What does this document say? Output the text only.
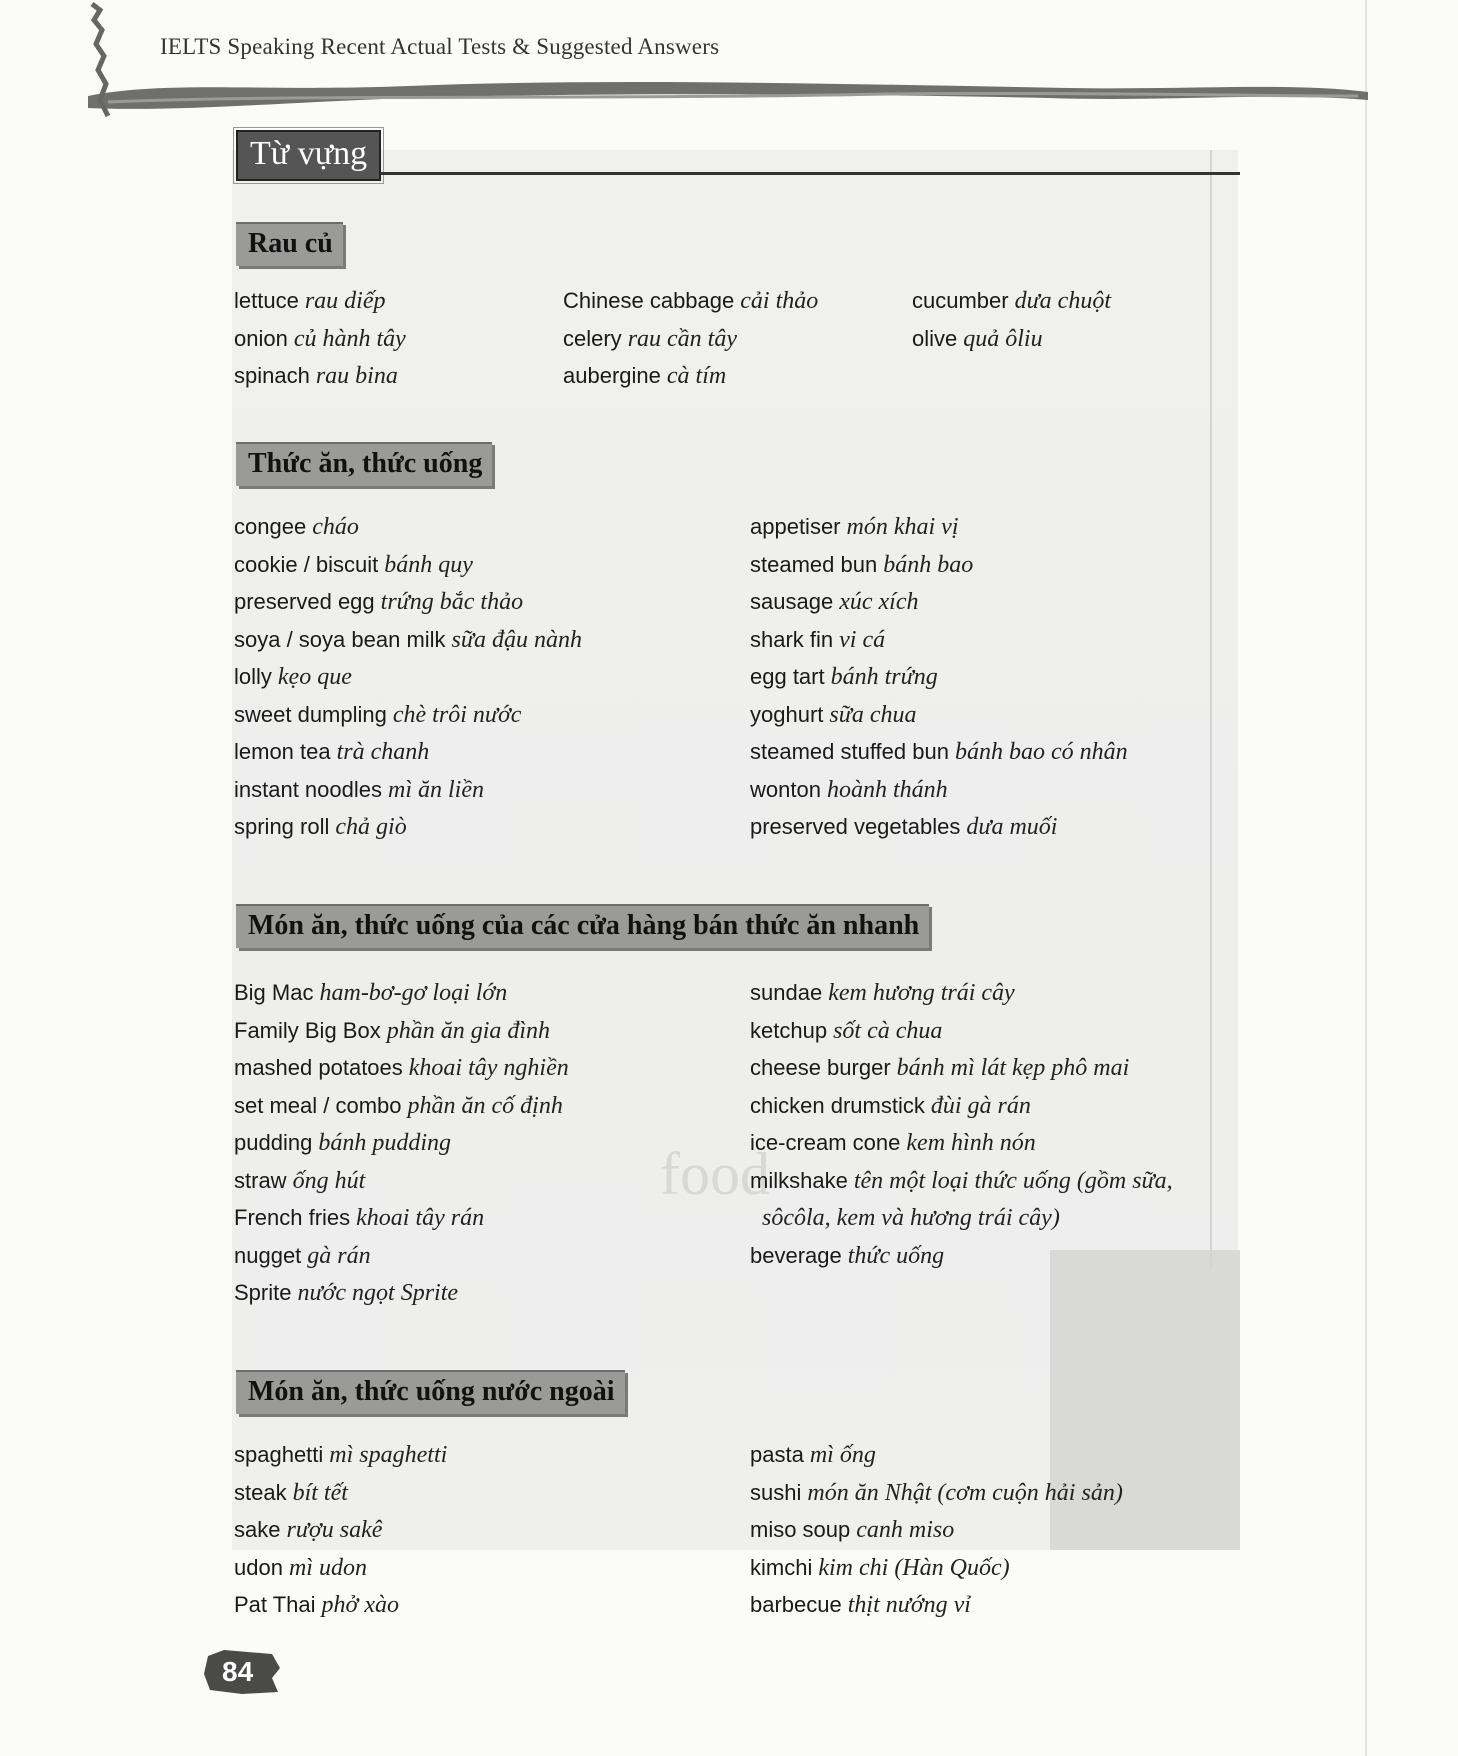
food
IELTS Speaking Recent Actual Tests & Suggested Answers
Từ vựng
Rau củ
lettuce rau diếp
onion củ hành tây
spinach rau bina
Chinese cabbage cải thảo
celery rau cần tây
aubergine cà tím
cucumber dưa chuột
olive quả ôliu
Thức ăn, thức uống
congee cháo
cookie / biscuit bánh quy
preserved egg trứng bắc thảo
soya / soya bean milk sữa đậu nành
lolly kẹo que
sweet dumpling chè trôi nước
lemon tea trà chanh
instant noodles mì ăn liền
spring roll chả giò
appetiser món khai vị
steamed bun bánh bao
sausage xúc xích
shark fin vi cá
egg tart bánh trứng
yoghurt sữa chua
steamed stuffed bun bánh bao có nhân
wonton hoành thánh
preserved vegetables dưa muối
Món ăn, thức uống của các cửa hàng bán thức ăn nhanh
Big Mac ham-bơ-gơ loại lớn
Family Big Box phần ăn gia đình
mashed potatoes khoai tây nghiền
set meal / combo phần ăn cố định
pudding bánh pudding
straw ống hút
French fries khoai tây rán
nugget gà rán
Sprite nước ngọt Sprite
sundae kem hương trái cây
ketchup sốt cà chua
cheese burger bánh mì lát kẹp phô mai
chicken drumstick đùi gà rán
ice-cream cone kem hình nón
milkshake tên một loại thức uống (gồm sữa,
sôcôla, kem và hương trái cây)
beverage thức uống
Món ăn, thức uống nước ngoài
spaghetti mì spaghetti
steak bít tết
sake rượu sakê
udon mì udon
Pat Thai phở xào
pasta mì ống
sushi món ăn Nhật (cơm cuộn hải sản)
miso soup canh miso
kimchi kim chi (Hàn Quốc)
barbecue thịt nướng vỉ
84
